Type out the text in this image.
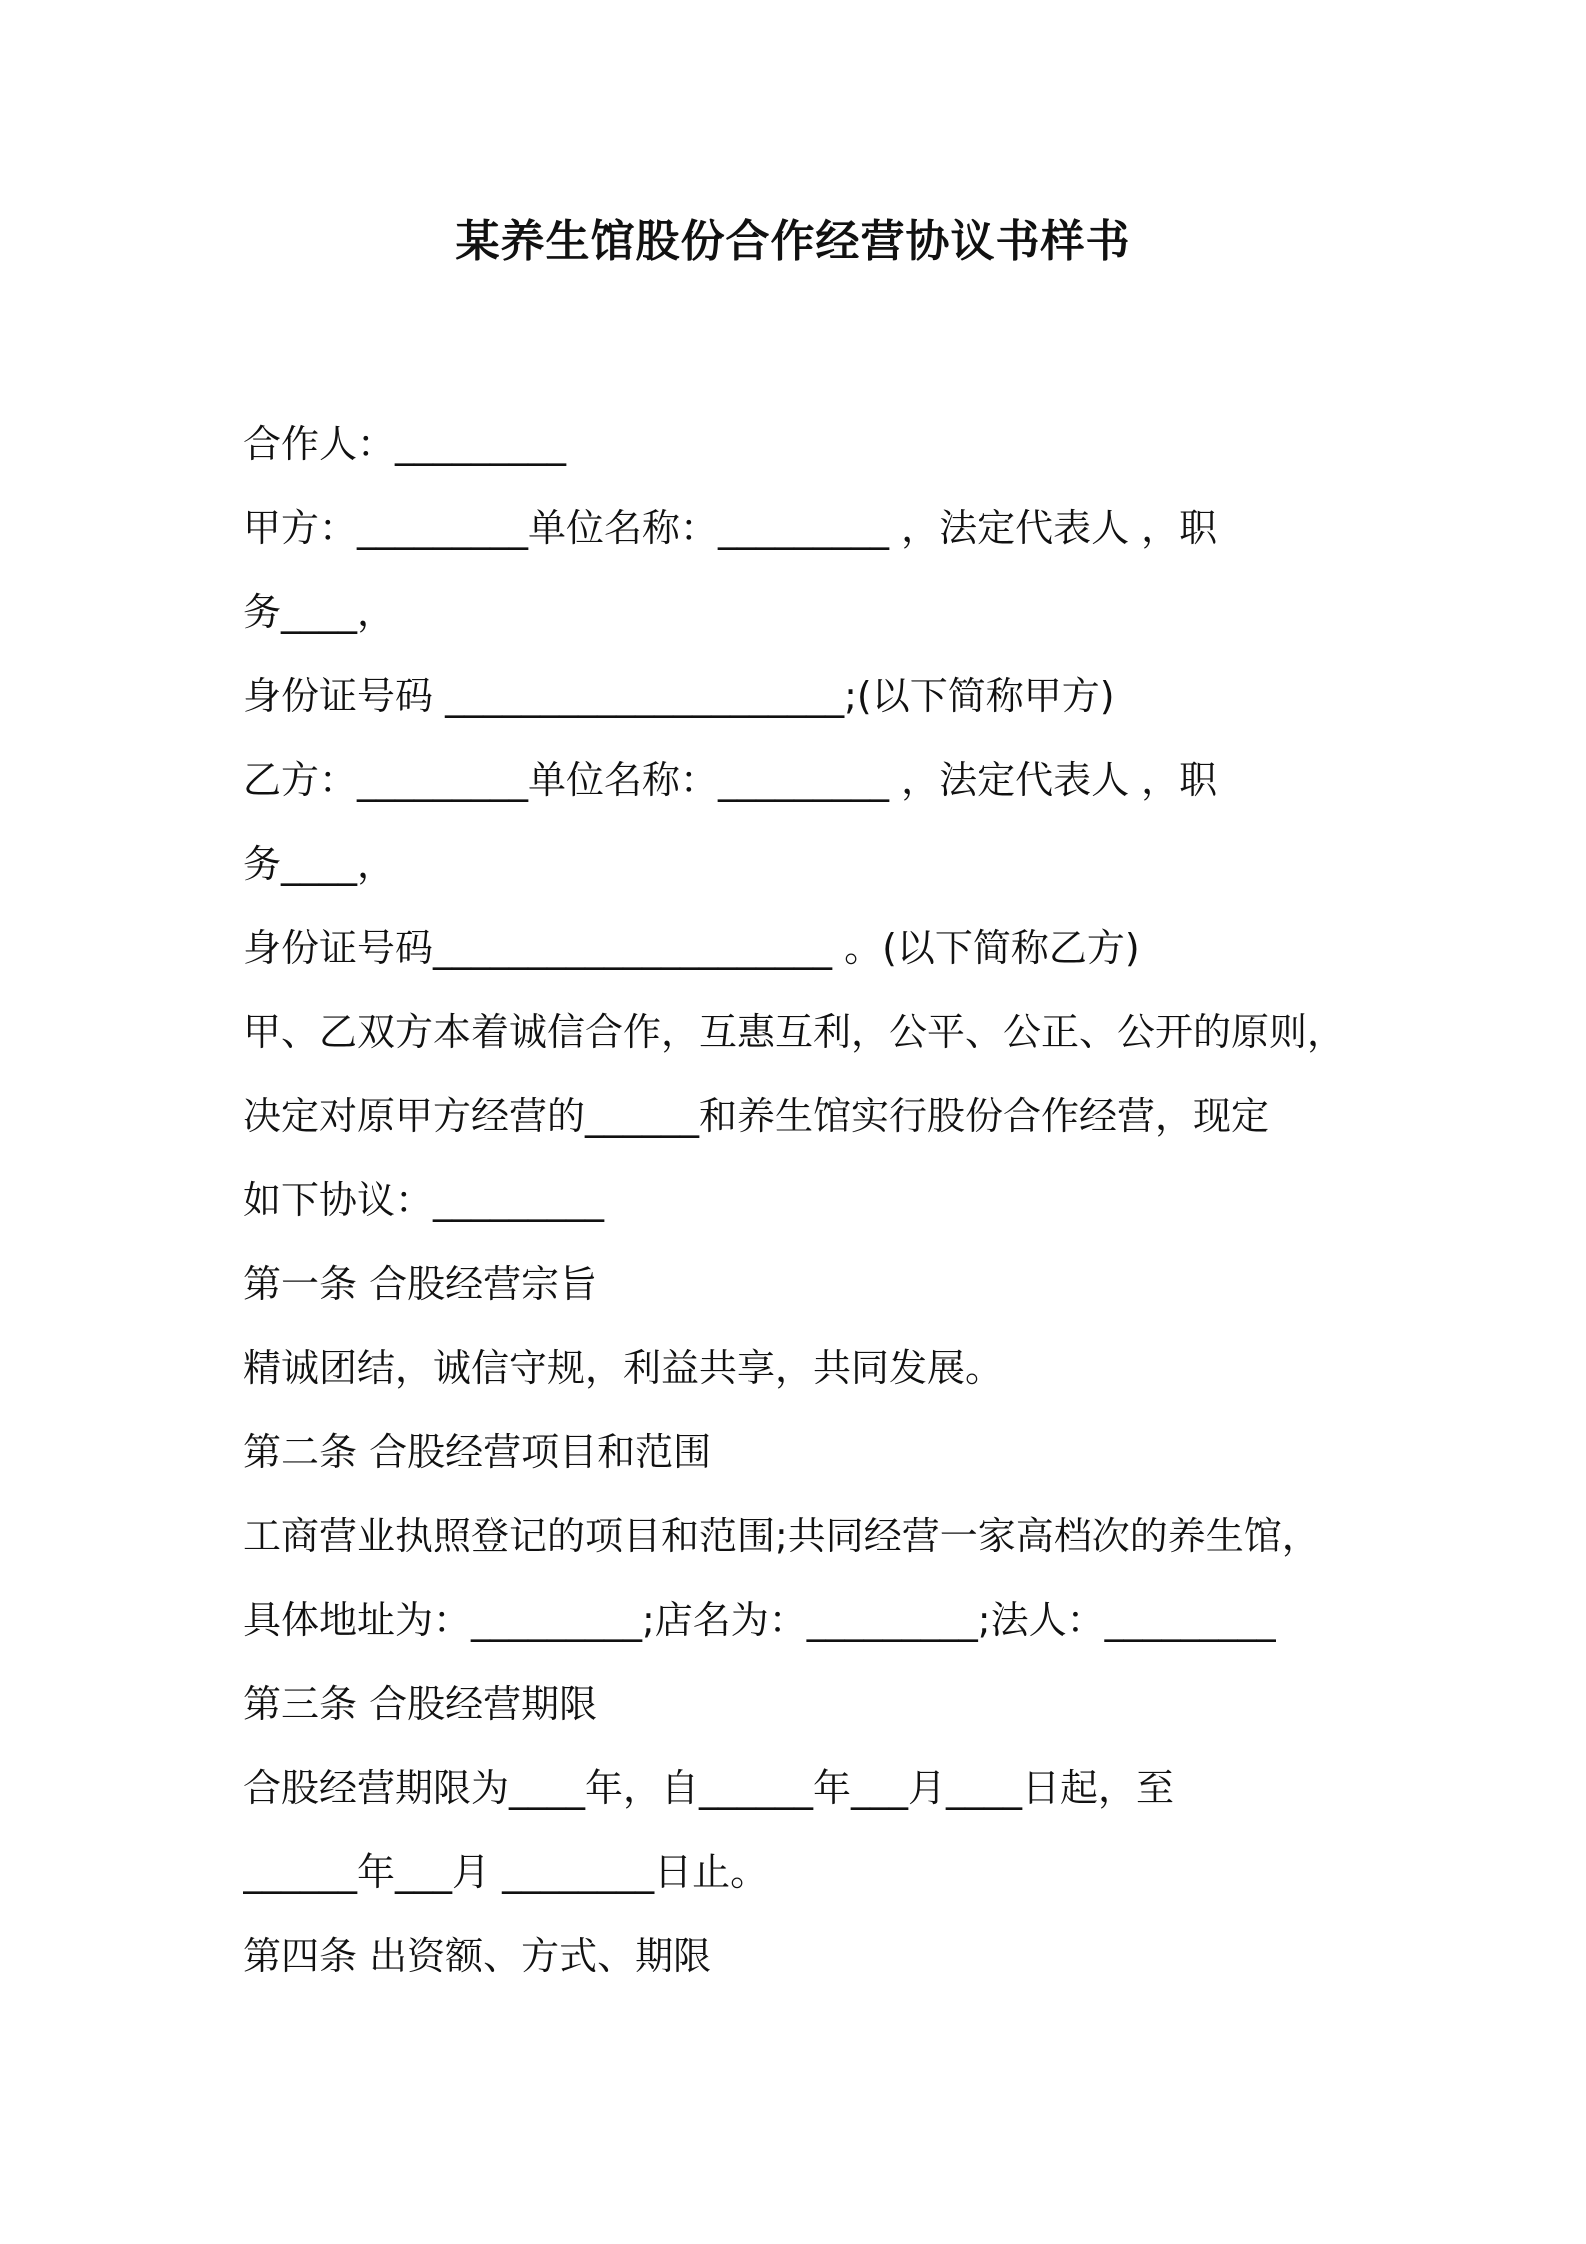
某养生馆股份合作经营协议书样书
合作人：_________
甲方：_________单位名称：_________ ，法定代表人 ，职
务____，
身份证号码 _____________________;(以下简称甲方)
乙方：_________单位名称：_________ ，法定代表人 ，职
务____，
身份证号码_____________________ 。(以下简称乙方)
甲、乙双方本着诚信合作，互惠互利，公平、公正、公开的原则，
决定对原甲方经营的______和养生馆实行股份合作经营，现定
如下协议：_________
第一条 合股经营宗旨
精诚团结，诚信守规，利益共享，共同发展。
第二条 合股经营项目和范围
工商营业执照登记的项目和范围;共同经营一家高档次的养生馆，
具体地址为：_________;店名为：_________;法人：_________
第三条 合股经营期限
合股经营期限为____年，自______年___月____日起，至
______年___月 ________日止。
第四条 出资额、方式、期限
